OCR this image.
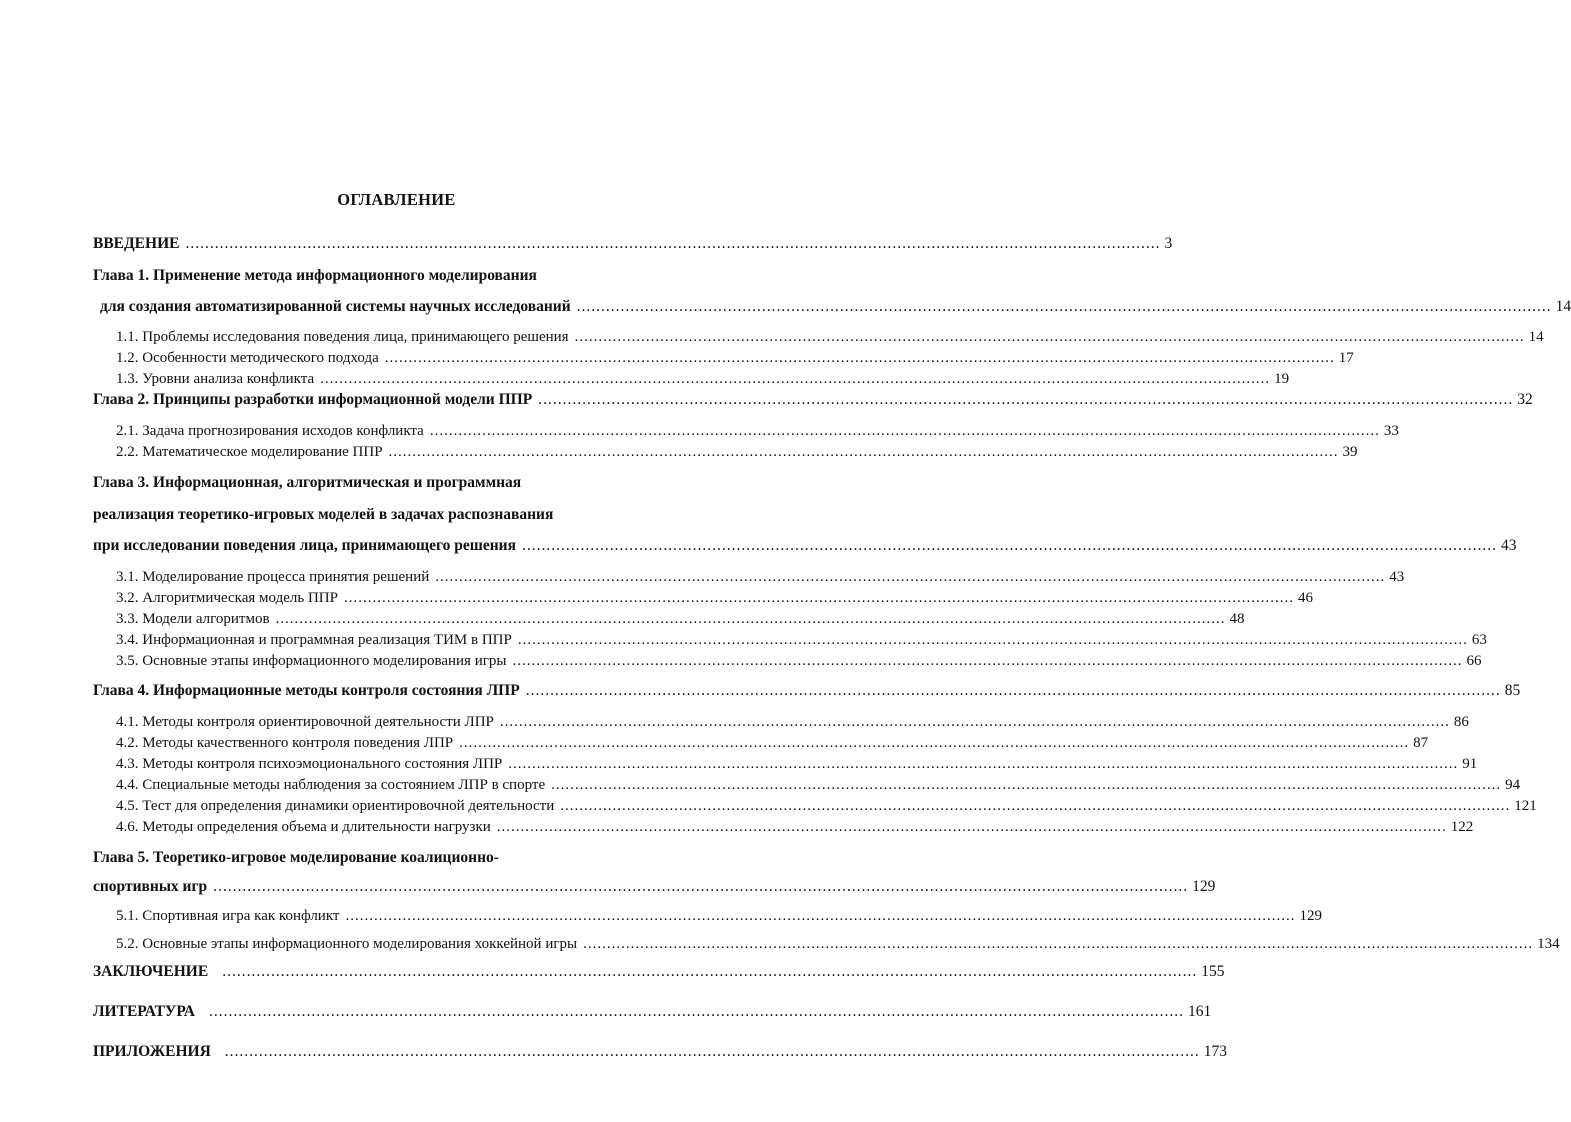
ОГЛАВЛЕНИЕ
ВВЕДЕНИЕ ........................................................................................................................................................................................................ 3
Глава 1. Применение метода информационного моделирования
для создания автоматизированной системы научных исследований ........................................................................................................................................................................................................ 14
1.1. Проблемы исследования поведения лица, принимающего решения ........................................................................................................................................................................................................ 14
1.2. Особенности методического подхода ........................................................................................................................................................................................................ 17
1.3. Уровни анализа конфликта ........................................................................................................................................................................................................ 19
Глава 2. Принципы разработки информационной модели ППР ........................................................................................................................................................................................................ 32
2.1. Задача прогнозирования исходов конфликта ........................................................................................................................................................................................................ 33
2.2. Математическое моделирование ППР ........................................................................................................................................................................................................ 39
Глава 3. Информационная, алгоритмическая и программная
реализация теоретико-игровых моделей в задачах распознавания
при исследовании поведения лица, принимающего решения ........................................................................................................................................................................................................ 43
3.1. Моделирование процесса принятия решений ........................................................................................................................................................................................................ 43
3.2. Алгоритмическая модель ППР ........................................................................................................................................................................................................ 46
3.3. Модели алгоритмов ........................................................................................................................................................................................................ 48
3.4. Информационная и программная реализация ТИМ в ППР ........................................................................................................................................................................................................ 63
3.5. Основные этапы информационного моделирования игры ........................................................................................................................................................................................................ 66
Глава 4. Информационные методы контроля состояния ЛПР ........................................................................................................................................................................................................ 85
4.1. Методы контроля ориентировочной деятельности ЛПР ........................................................................................................................................................................................................ 86
4.2. Методы качественного контроля поведения ЛПР ........................................................................................................................................................................................................ 87
4.3. Методы контроля психоэмоционального состояния ЛПР ........................................................................................................................................................................................................ 91
4.4. Специальные методы наблюдения за состоянием ЛПР в спорте ........................................................................................................................................................................................................ 94
4.5. Тест для определения динамики ориентировочной деятельности ........................................................................................................................................................................................................ 121
4.6. Методы определения объема и длительности нагрузки ........................................................................................................................................................................................................ 122
Глава 5. Теоретико-игровое моделирование коалиционно-
спортивных игр ........................................................................................................................................................................................................ 129
5.1. Спортивная игра как конфликт ........................................................................................................................................................................................................ 129
5.2. Основные этапы информационного моделирования хоккейной игры ........................................................................................................................................................................................................ 134
ЗАКЛЮЧЕНИЕ ........................................................................................................................................................................................................ 155
ЛИТЕРАТУРА ........................................................................................................................................................................................................ 161
ПРИЛОЖЕНИЯ ........................................................................................................................................................................................................ 173
